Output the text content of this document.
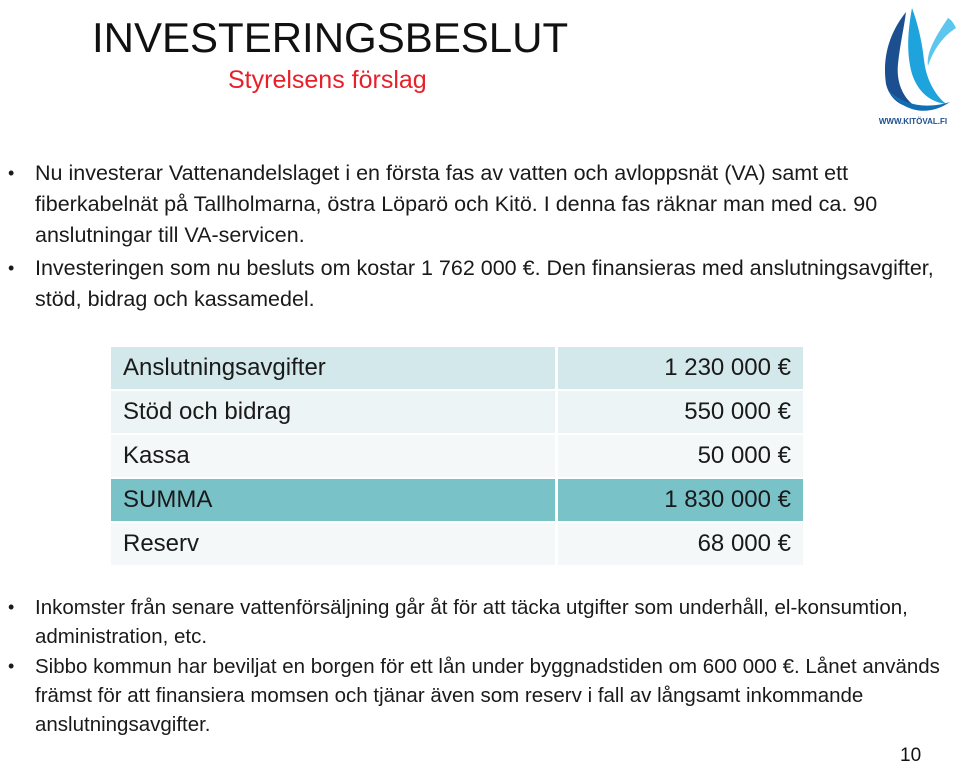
INVESTERINGSBESLUT
Styrelsens förslag
WWW.KITÖVAL.FI
• Nu investerar Vattenandelslaget i en första fas av vatten och avloppsnät (VA) samt ett fiberkabelnät på Tallholmarna, östra Löparö och Kitö. I denna fas räknar man med ca. 90 anslutningar till VA-servicen.
• Investeringen som nu besluts om kostar 1 762 000 €. Den finansieras med anslutningsavgifter, stöd, bidrag och kassamedel.
Anslutningsavgifter	1 230 000 €
Stöd och bidrag	550 000 €
Kassa	50 000 €
SUMMA	1 830 000 €
Reserv	68 000 €
• Inkomster från senare vattenförsäljning går åt för att täcka utgifter som underhåll, el-konsumtion, administration, etc.
• Sibbo kommun har beviljat en borgen för ett lån under byggnadstiden om 600 000 €. Lånet används främst för att finansiera momsen och tjänar även som reserv i fall av långsamt inkommande anslutningsavgifter.
10
